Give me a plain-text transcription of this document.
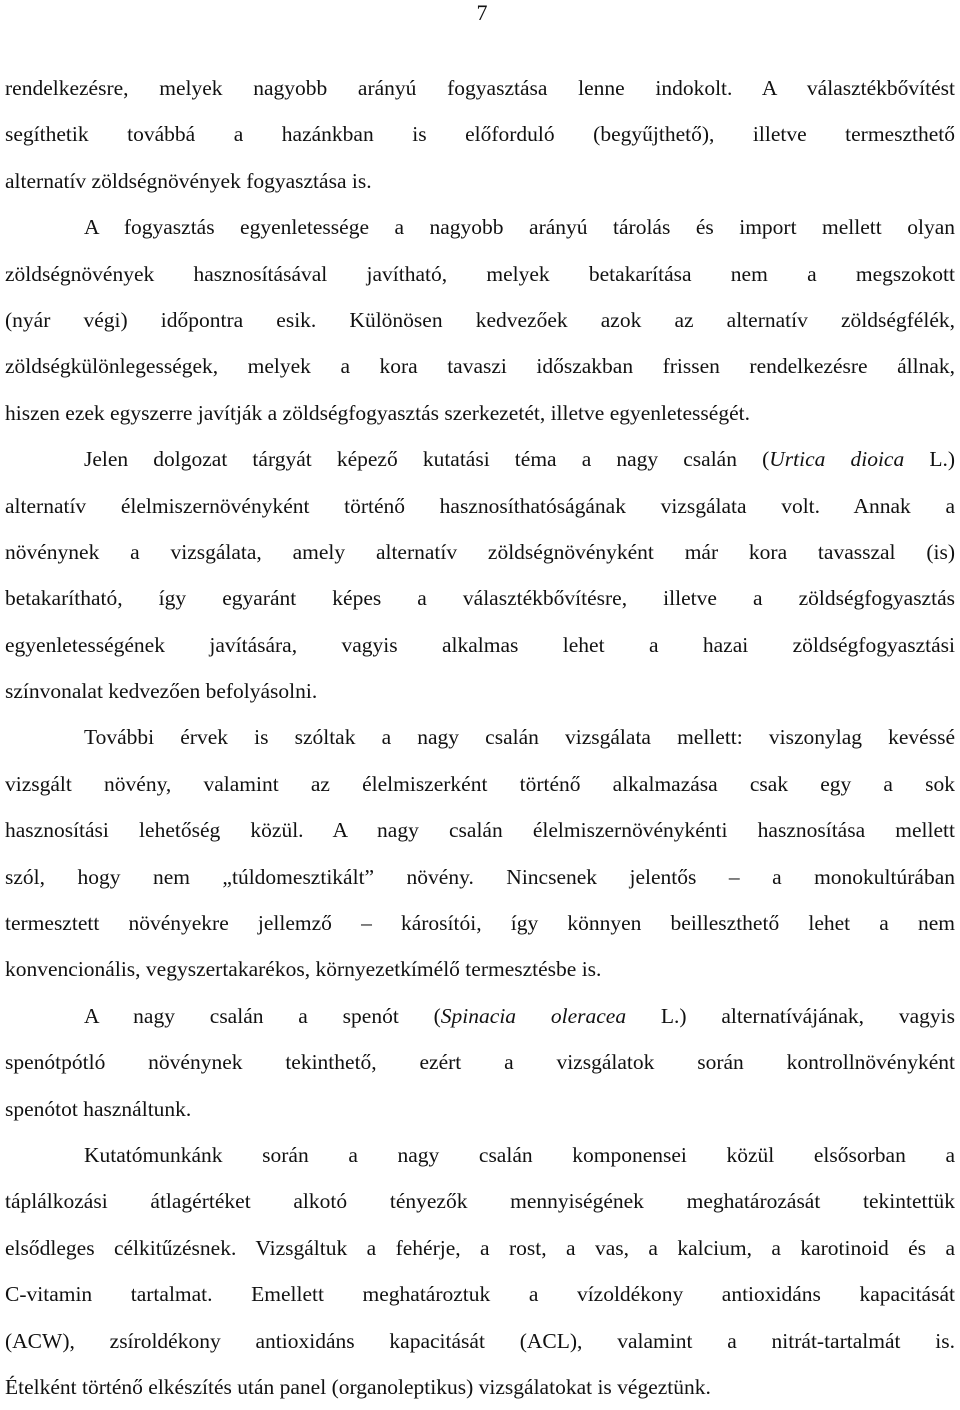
7
rendelkezésre, melyek nagyobb arányú fogyasztása lenne indokolt. A választékbővítést
segíthetik továbbá a hazánkban is előforduló (begyűjthető), illetve termeszthető
alternatív zöldségnövények fogyasztása is.
A fogyasztás egyenletessége a nagyobb arányú tárolás és import mellett olyan
zöldségnövények hasznosításával javítható, melyek betakarítása nem a megszokott
(nyár végi) időpontra esik. Különösen kedvezőek azok az alternatív zöldségfélék,
zöldségkülönlegességek, melyek a kora tavaszi időszakban frissen rendelkezésre állnak,
hiszen ezek egyszerre javítják a zöldségfogyasztás szerkezetét, illetve egyenletességét.
Jelen dolgozat tárgyát képező kutatási téma a nagy csalán (Urtica dioica L.)
alternatív élelmiszernövényként történő hasznosíthatóságának vizsgálata volt. Annak a
növénynek a vizsgálata, amely alternatív zöldségnövényként már kora tavasszal (is)
betakarítható, így egyaránt képes a választékbővítésre, illetve a zöldségfogyasztás
egyenletességének javítására, vagyis alkalmas lehet a hazai zöldségfogyasztási
színvonalat kedvezően befolyásolni.
További érvek is szóltak a nagy csalán vizsgálata mellett: viszonylag kevéssé
vizsgált növény, valamint az élelmiszerként történő alkalmazása csak egy a sok
hasznosítási lehetőség közül. A nagy csalán élelmiszernövénykénti hasznosítása mellett
szól, hogy nem „túldomesztikált” növény. Nincsenek jelentős – a monokultúrában
termesztett növényekre jellemző – károsítói, így könnyen beilleszthető lehet a nem
konvencionális, vegyszertakarékos, környezetkímélő termesztésbe is.
A nagy csalán a spenót (Spinacia oleracea L.) alternatívájának, vagyis
spenótpótló növénynek tekinthető, ezért a vizsgálatok során kontrollnövényként
spenótot használtunk.
Kutatómunkánk során a nagy csalán komponensei közül elsősorban a
táplálkozási átlagértéket alkotó tényezők mennyiségének meghatározását tekintettük
elsődleges célkitűzésnek. Vizsgáltuk a fehérje, a rost, a vas, a kalcium, a karotinoid és a
C-vitamin tartalmat. Emellett meghatároztuk a vízoldékony antioxidáns kapacitását
(ACW), zsíroldékony antioxidáns kapacitását (ACL), valamint a nitrát-tartalmát is.
Ételként történő elkészítés után panel (organoleptikus) vizsgálatokat is végeztünk.
